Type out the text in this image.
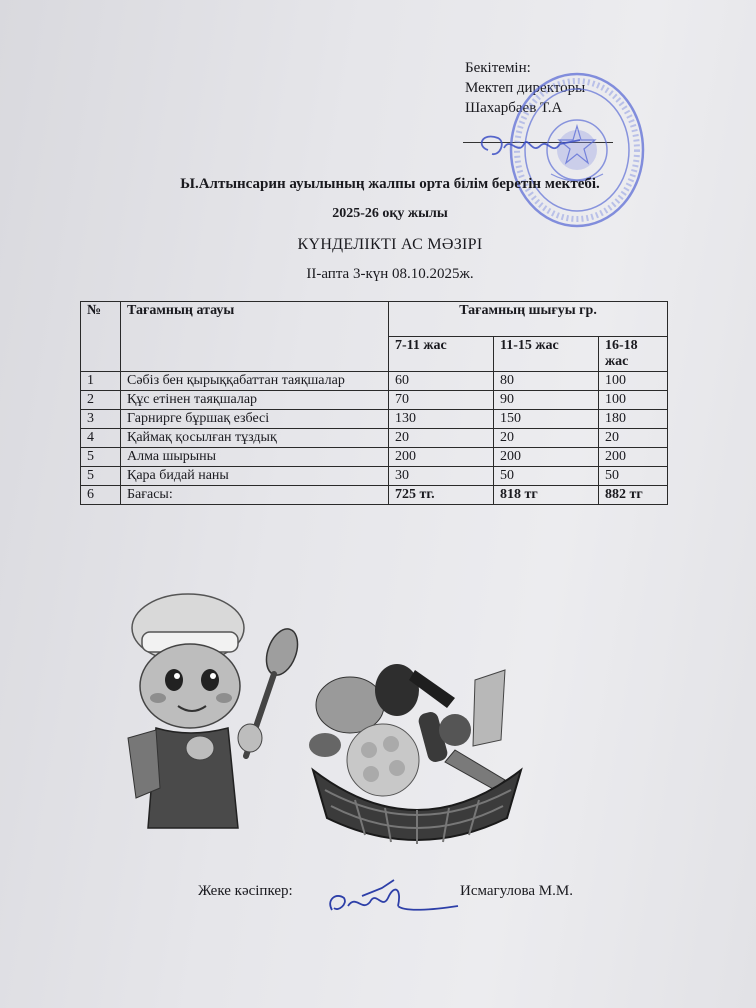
Бекітемін:
Мектеп директоры
Шахарбаев Т.А
Ы.Алтынсарин ауылының жалпы орта білім беретін мектебі.
2025-26 оқу жылы
КҮНДЕЛІКТІ АС МӘЗІРІ
ІІ-апта 3-күн 08.10.2025ж.
№	Тағамның атауы	Тағамның шығуы гр.		
		7-11 жас	11-15 жас	16-18 жас
1	Сәбіз бен қырыққабаттан таяқшалар	60	80	100
2	Құс етінен таяқшалар	70	90	100
3	Гарнирге бұршақ езбесі	130	150	180
4	Қаймақ қосылған тұздық	20	20	20
5	Алма шырыны	200	200	200
5	Қара бидай наны	30	50	50
6	Бағасы:	725 тг.	818 тг	882 тг
Жеке кәсіпкер:	Исмагулова М.М.
